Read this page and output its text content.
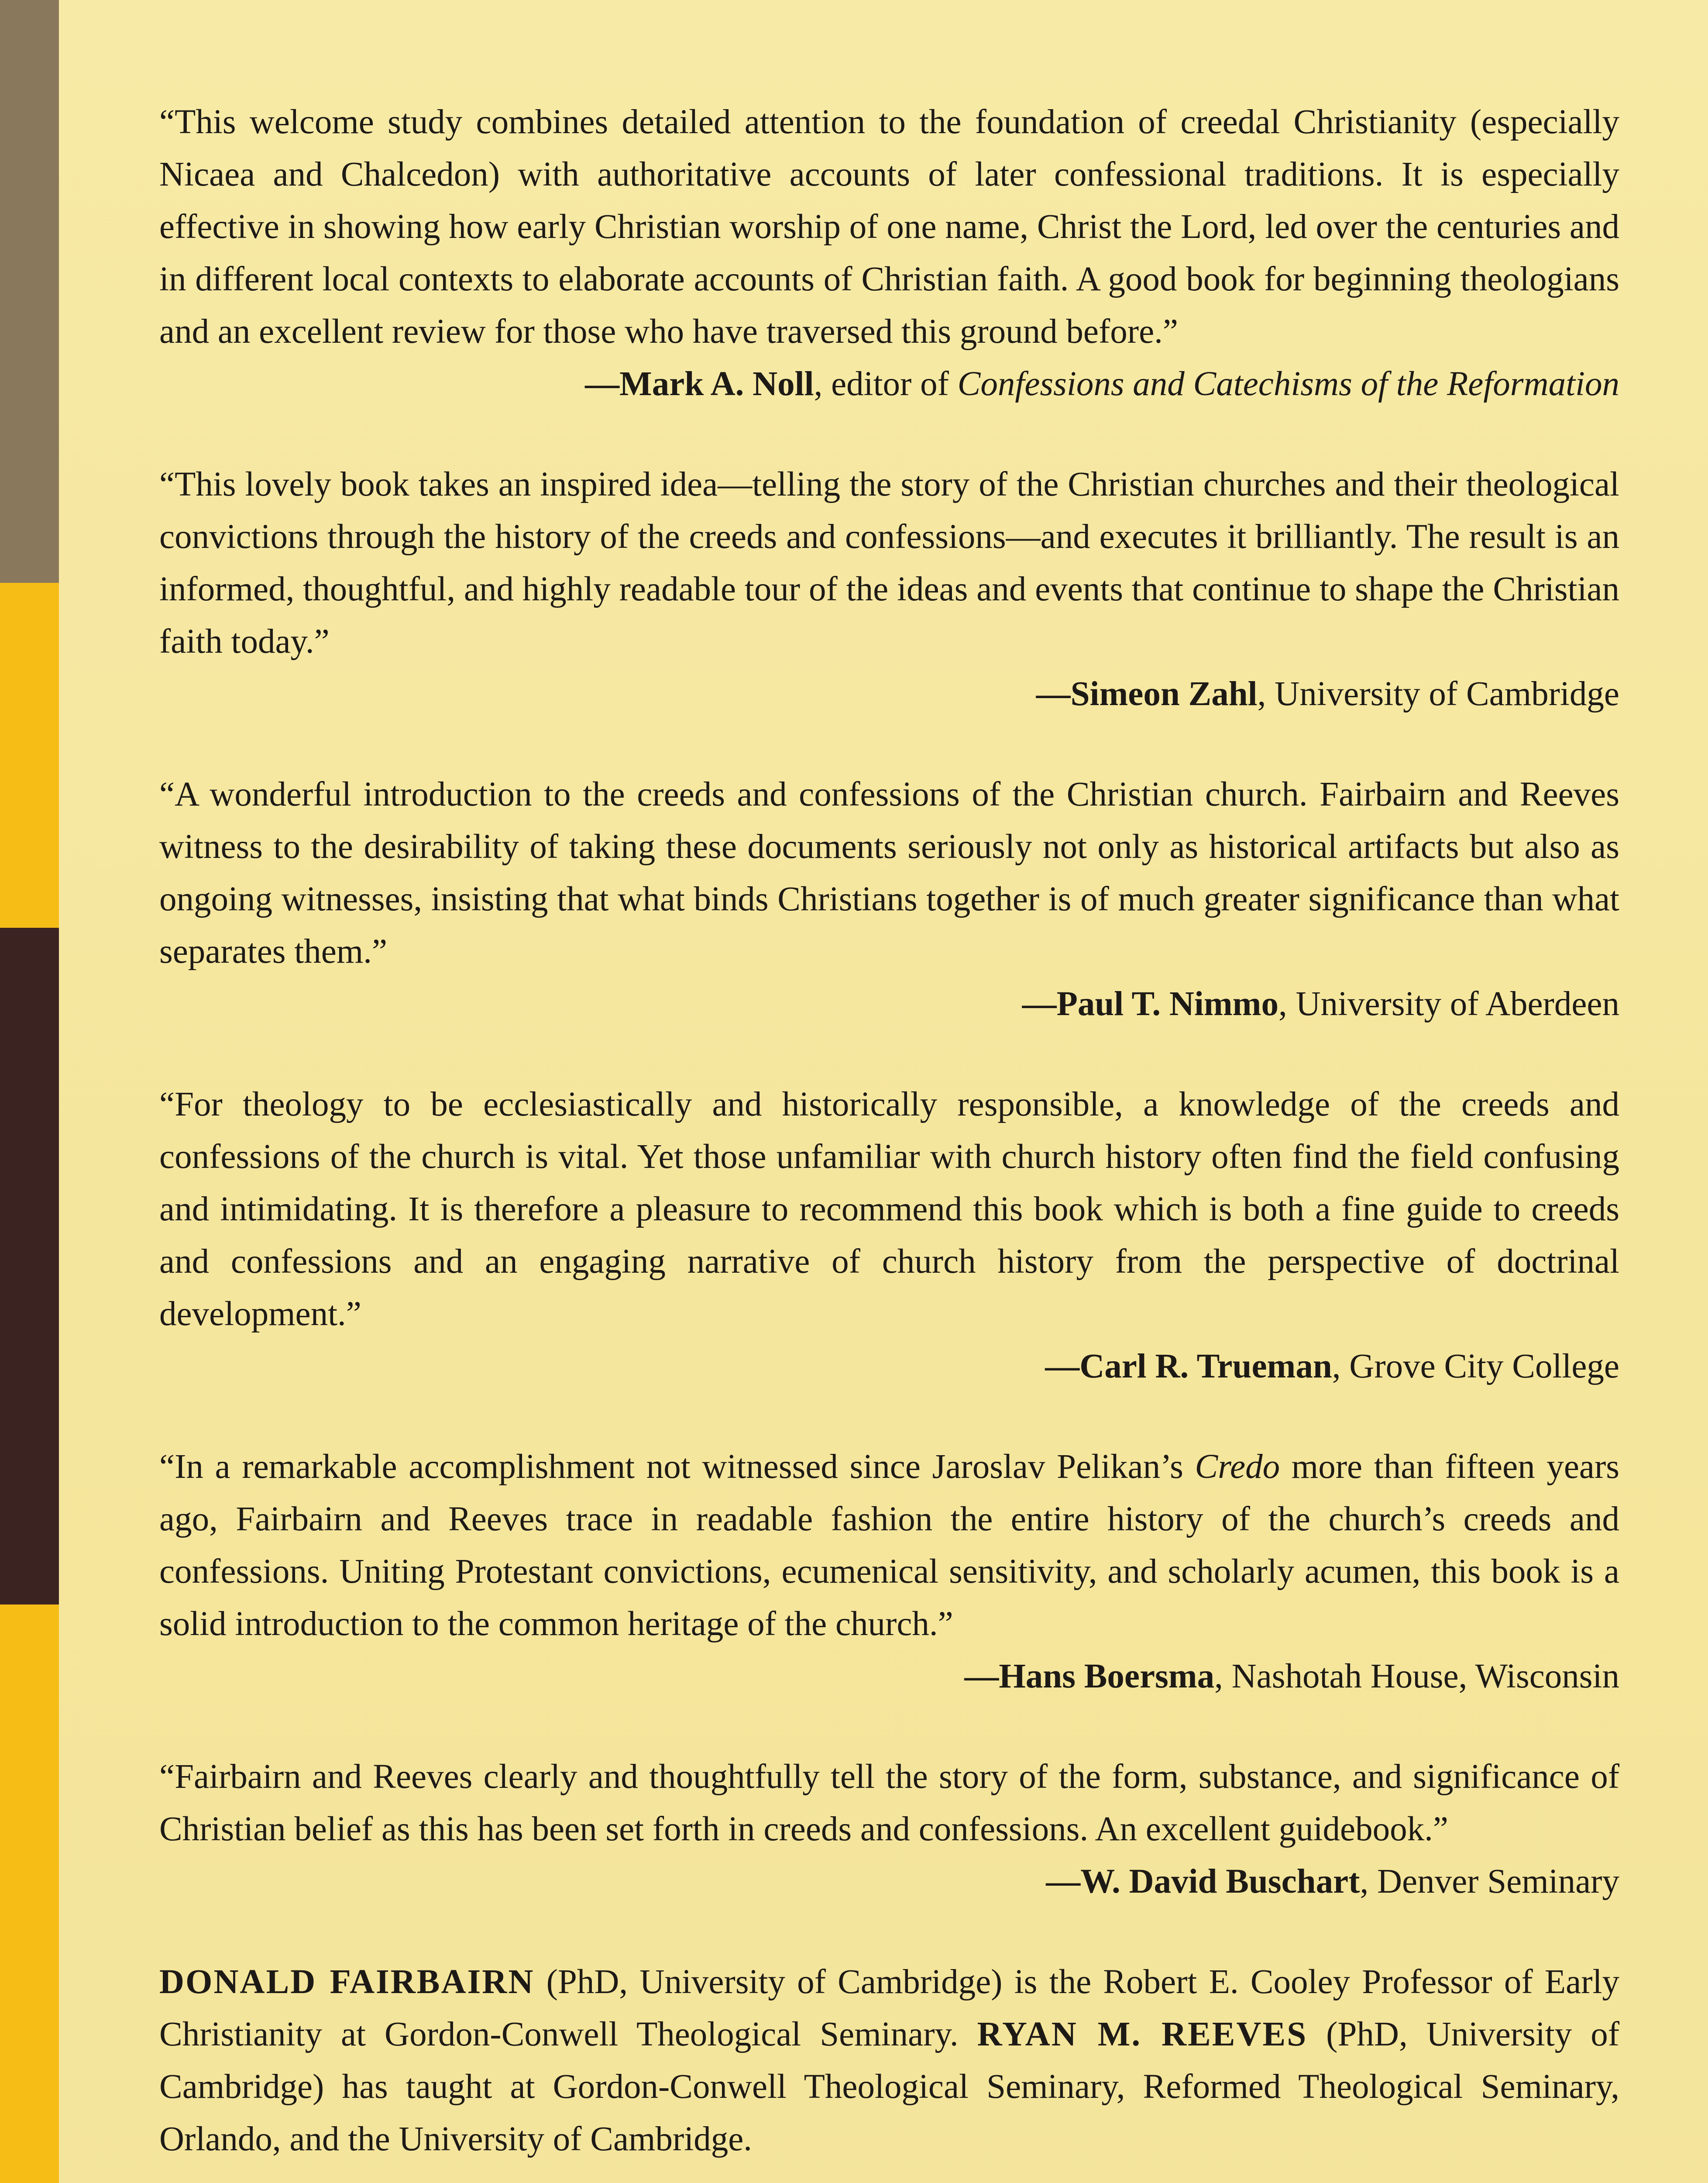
“This welcome study combines detailed attention to the foundation of creedal Christianity (especially Nicaea and Chalcedon) with authoritative accounts of later confessional traditions. It is especially effective in showing how early Christian worship of one name, Christ the Lord, led over the centuries and in different local contexts to elaborate accounts of Christian faith. A good book for beginning theologians and an excellent review for those who have traversed this ground before.”

—Mark A. Noll, editor of Confessions and Catechisms of the Reformation

“This lovely book takes an inspired idea—telling the story of the Christian churches and their theological convictions through the history of the creeds and confessions—and executes it brilliantly. The result is an informed, thoughtful, and highly readable tour of the ideas and events that continue to shape the Christian faith today.”

—Simeon Zahl, University of Cambridge

“A wonderful introduction to the creeds and confessions of the Christian church. Fairbairn and Reeves witness to the desirability of taking these documents seriously not only as historical artifacts but also as ongoing witnesses, insisting that what binds Christians together is of much greater significance than what separates them.”

—Paul T. Nimmo, University of Aberdeen

“For theology to be ecclesiastically and historically responsible, a knowledge of the creeds and confessions of the church is vital. Yet those unfamiliar with church history often find the field confusing and intimidating. It is therefore a pleasure to recommend this book which is both a fine guide to creeds and confessions and an engaging narrative of church history from the perspective of doctrinal development.”

—Carl R. Trueman, Grove City College

“In a remarkable accomplishment not witnessed since Jaroslav Pelikan’s Credo more than fifteen years ago, Fairbairn and Reeves trace in readable fashion the entire history of the church’s creeds and confessions. Uniting Protestant convictions, ecumenical sensitivity, and scholarly acumen, this book is a solid introduction to the common heritage of the church.”

—Hans Boersma, Nashotah House, Wisconsin

“Fairbairn and Reeves clearly and thoughtfully tell the story of the form, substance, and significance of Christian belief as this has been set forth in creeds and confessions. An excellent guidebook.”

—W. David Buschart, Denver Seminary

DONALD FAIRBAIRN (PhD, University of Cambridge) is the Robert E. Cooley Professor of Early Christianity at Gordon-Conwell Theological Seminary. RYAN M. REEVES (PhD, University of Cambridge) has taught at Gordon-Conwell Theological Seminary, Reformed Theological Seminary, Orlando, and the University of Cambridge.
